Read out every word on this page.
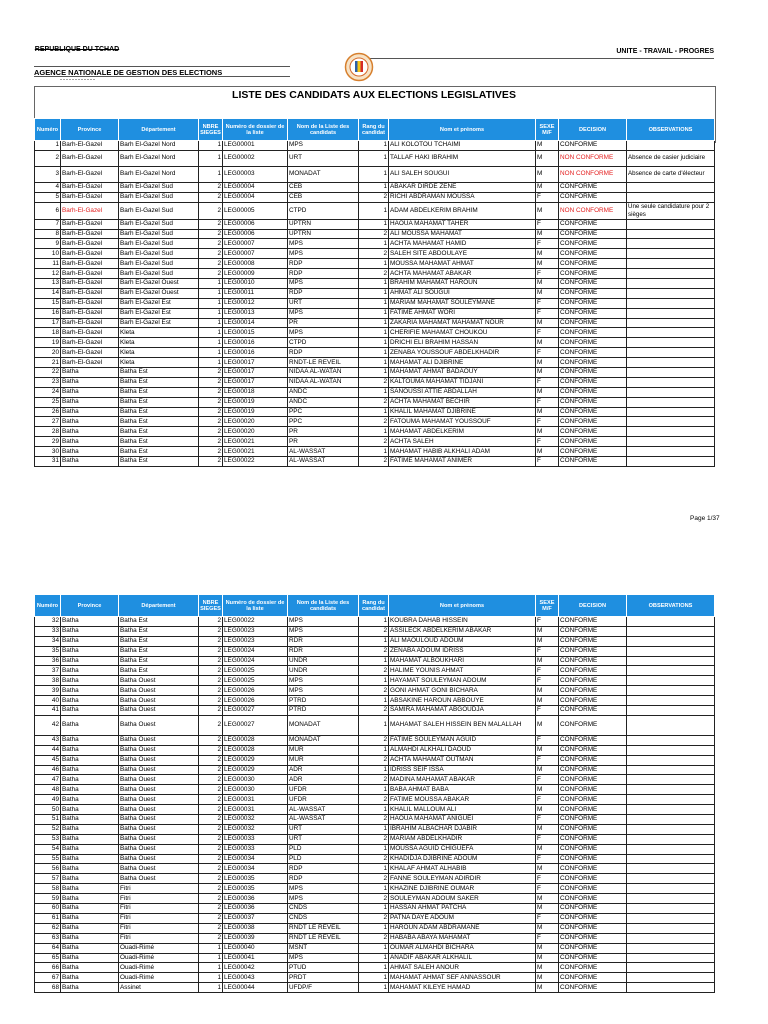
REPUBLIQUE DU TCHAD
AGENCE NATIONALE DE GESTION DES ELECTIONS
------------
UNITE - TRAVAIL - PROGRES
LISTE DES CANDIDATS AUX ELECTIONS LEGISLATIVES
Numéro	Province	Département	NBRE SIEGES	Numéro de dossier de la liste	Nom de la Liste des candidats	Rang du candidat	Nom et prénoms	SEXE M/F	DECISION	OBSERVATIONS
1	Barh-El-Gazel	Barh El-Gazel Nord	1	LEG00001	MPS	1	ALI KOLOTOU TCHAIMI	M	CONFORME	
2	Barh-El-Gazel	Barh El-Gazel Nord	1	LEG00002	URT	1	TALLAF HAKI IBRAHIM	M	NON CONFORME	Absence de casier judiciaire
3	Barh-El-Gazel	Barh El-Gazel Nord	1	LEG00003	MONADAT	1	ALI SALEH SOUGUI	M	NON CONFORME	Absence de carte d'électeur
4	Barh-El-Gazel	Barh El-Gazel Sud	2	LEG00004	CEB	1	ABAKAR DIRDE ZENE	M	CONFORME	
5	Barh-El-Gazel	Barh El-Gazel Sud	2	LEG00004	CEB	2	RICHI ABDRAMAN MOUSSA	F	CONFORME	
6	Barh-El-Gazel	Barh El-Gazel Sud	2	LEG00005	CTPD	1	ADAM ABDELKERIM BRAHIM	M	NON CONFORME	Une seule candidature pour 2 sièges
7	Barh-El-Gazel	Barh El-Gazel Sud	2	LEG00006	UPTRN	1	HAOUA MAHAMAT TAHER	F	CONFORME	
8	Barh-El-Gazel	Barh El-Gazel Sud	2	LEG00006	UPTRN	2	ALI MOUSSA MAHAMAT	M	CONFORME	
9	Barh-El-Gazel	Barh El-Gazel Sud	2	LEG00007	MPS	1	ACHTA MAHAMAT HAMID	F	CONFORME	
10	Barh-El-Gazel	Barh El-Gazel Sud	2	LEG00007	MPS	2	SALEH SITE ABDOULAYE	M	CONFORME	
11	Barh-El-Gazel	Barh El-Gazel Sud	2	LEG00008	RDP	1	MOUSSA MAHAMAT AHMAT	M	CONFORME	
12	Barh-El-Gazel	Barh El-Gazel Sud	2	LEG00009	RDP	2	ACHTA MAHAMAT ABAKAR	F	CONFORME	
13	Barh-El-Gazel	Barh El-Gazel Ouest	1	LEG00010	MPS	1	BRAHIM MAHAMAT HAROUN	M	CONFORME	
14	Barh-El-Gazel	Barh El-Gazel Ouest	1	LEG00011	RDP	1	AHMAT ALI SOUGUI	M	CONFORME	
15	Barh-El-Gazel	Barh El-Gazel Est	1	LEG00012	URT	1	MARIAM MAHAMAT SOULEYMANE	F	CONFORME	
16	Barh-El-Gazel	Barh El-Gazel Est	1	LEG00013	MPS	1	FATIME AHMAT WORI	F	CONFORME	
17	Barh-El-Gazel	Barh El-Gazel Est	1	LEG00014	PR	1	ZAKARIA MAHAMAT MAHAMAT NOUR	M	CONFORME	
18	Barh-El-Gazel	Kleta	1	LEG00015	MPS	1	CHERIFIE MAHAMAT CHOUKOU	F	CONFORME	
19	Barh-El-Gazel	Kleta	1	LEG00016	CTPD	1	DRICHI ELI BRAHIM HASSAN	M	CONFORME	
20	Barh-El-Gazel	Kleta	1	LEG00016	RDP	1	ZENABA YOUSSOUF ABDELKHADIR	F	CONFORME	
21	Barh-El-Gazel	Kleta	1	LEG00017	RNDT-LE REVEIL	1	MAHAMAT ALI DJIBRINE	M	CONFORME	
22	Batha	Batha Est	2	LEG00017	NIDAA AL-WATAN	1	MAHAMAT AHMAT BADAOUY	M	CONFORME	
23	Batha	Batha Est	2	LEG00017	NIDAA AL-WATAN	2	KALTOUMA MAHAMAT TIDJANI	F	CONFORME	
24	Batha	Batha Est	2	LEG00018	ANDC	1	SANOUSSI ATTIE ABDALLAH	M	CONFORME	
25	Batha	Batha Est	2	LEG00019	ANDC	2	ACHTA MAHAMAT BECHIR	F	CONFORME	
26	Batha	Batha Est	2	LEG00019	PPC	1	KHALIL MAHAMAT DJIBRINE	M	CONFORME	
27	Batha	Batha Est	2	LEG00020	PPC	2	FATOUMA MAHAMAT YOUSSOUF	F	CONFORME	
28	Batha	Batha Est	2	LEG00020	PR	1	MAHAMAT ABDELKERIM	M	CONFORME	
29	Batha	Batha Est	2	LEG00021	PR	2	ACHTA SALEH	F	CONFORME	
30	Batha	Batha Est	2	LEG00021	AL-WASSAT	1	MAHAMAT HABIB ALKHALI ADAM	M	CONFORME	
31	Batha	Batha Est	2	LEG00022	AL-WASSAT	2	FATIME MAHAMAT ANIMER	F	CONFORME	
Page 1/37
Numéro	Province	Département	NBRE SIEGES	Numéro de dossier de la liste	Nom de la Liste des candidats	Rang du candidat	Nom et prénoms	SEXE M/F	DECISION	OBSERVATIONS
32	Batha	Batha Est	2	LEG00022	MPS	1	KOUBRA DAHAB HISSEIN	F	CONFORME	
33	Batha	Batha Est	2	LEG00023	MPS	2	ASSILECK ABDELKERIM ABAKAR	M	CONFORME	
34	Batha	Batha Est	2	LEG00023	RDR	1	ALI MAOULOUD ADOUM	M	CONFORME	
35	Batha	Batha Est	2	LEG00024	RDR	2	ZENABA ADOUM IDRISS	F	CONFORME	
36	Batha	Batha Est	2	LEG00024	UNDR	1	MAHAMAT ALBOUKHARI	M	CONFORME	
37	Batha	Batha Est	2	LEG00025	UNDR	2	HALIME YOUNIS AHMAT	F	CONFORME	
38	Batha	Batha Ouest	2	LEG00025	MPS	1	HAYAMAT SOULEYMAN ADOUM	F	CONFORME	
39	Batha	Batha Ouest	2	LEG00026	MPS	2	GONI AHMAT GONI BICHARA	M	CONFORME	
40	Batha	Batha Ouest	2	LEG00026	PTRD	1	ABSAKINE HAROUN ABBOUYE	M	CONFORME	
41	Batha	Batha Ouest	2	LEG00027	PTRD	2	SAMIRA MAHAMAT ABGOUDJA	F	CONFORME	
42	Batha	Batha Ouest	2	LEG00027	MONADAT	1	MAHAMAT SALEH HISSEIN BEN MALALLAH	M	CONFORME	
43	Batha	Batha Ouest	2	LEG00028	MONADAT	2	FATIME SOULEYMAN AGUID	F	CONFORME	
44	Batha	Batha Ouest	2	LEG00028	MUR	1	ALMAHDI ALKHALI DAOUD	M	CONFORME	
45	Batha	Batha Ouest	2	LEG00029	MUR	2	ACHTA MAHAMAT OUTMAN	F	CONFORME	
46	Batha	Batha Ouest	2	LEG00029	ADR	1	IDRISS SEIF ISSA	M	CONFORME	
47	Batha	Batha Ouest	2	LEG00030	ADR	2	MADINA MAHAMAT ABAKAR	F	CONFORME	
48	Batha	Batha Ouest	2	LEG00030	UFDR	1	BABA AHMAT BABA	M	CONFORME	
49	Batha	Batha Ouest	2	LEG00031	UFDR	2	FATIME MOUSSA ABAKAR	F	CONFORME	
50	Batha	Batha Ouest	2	LEG00031	AL-WASSAT	1	KHALIL MALLOUM ALI	M	CONFORME	
51	Batha	Batha Ouest	2	LEG00032	AL-WASSAT	2	HAOUA MAHAMAT ANIGUEI	F	CONFORME	
52	Batha	Batha Ouest	2	LEG00032	URT	1	IBRAHIM ALBACHAR DJABIR	M	CONFORME	
53	Batha	Batha Ouest	2	LEG00033	URT	2	MARIAM ABDELKHADIR	F	CONFORME	
54	Batha	Batha Ouest	2	LEG00033	PLD	1	MOUSSA AGUID CHIGUEFA	M	CONFORME	
55	Batha	Batha Ouest	2	LEG00034	PLD	2	KHADIDJA DJIBRINE ADOUM	F	CONFORME	
56	Batha	Batha Ouest	2	LEG00034	RDP	1	KHALAF AHMAT ALHABIB	M	CONFORME	
57	Batha	Batha Ouest	2	LEG00035	RDP	2	FANNE SOULEYMAN ADIRDIR	F	CONFORME	
58	Batha	Fitri	2	LEG00035	MPS	1	KHAZINE DJIBRINE OUMAR	F	CONFORME	
59	Batha	Fitri	2	LEG00036	MPS	2	SOULEYMAN ADOUM SAKER	M	CONFORME	
60	Batha	Fitri	2	LEG00036	CNDS	1	HASSAN AHMAT PATCHA	M	CONFORME	
61	Batha	Fitri	2	LEG00037	CNDS	2	PATNA DAYE ADOUM	F	CONFORME	
62	Batha	Fitri	2	LEG00038	RNDT LE REVEIL	1	HAROUN ADAM ABDRAMANE	M	CONFORME	
63	Batha	Fitri	2	LEG00039	RNDT LE REVEIL	2	HABABA ABAYA MAHAMAT	F	CONFORME	
64	Batha	Ouadi-Rimé	1	LEG00040	MSNT	1	OUMAR ALMAHDI BICHARA	M	CONFORME	
65	Batha	Ouadi-Rimé	1	LEG00041	MPS	1	ANADIF ABAKAR ALKHALIL	M	CONFORME	
66	Batha	Ouadi-Rimé	1	LEG00042	PTUD	1	AHMAT SALEH ANOUR	M	CONFORME	
67	Batha	Ouadi-Rimé	1	LEG00043	PRDT	1	MAHAMAT AHMAT SEF ANNASSOUR	M	CONFORME	
68	Batha	Assinet	1	LEG00044	UFDP/F	1	MAHAMAT KILEYE HAMAD	M	CONFORME	
